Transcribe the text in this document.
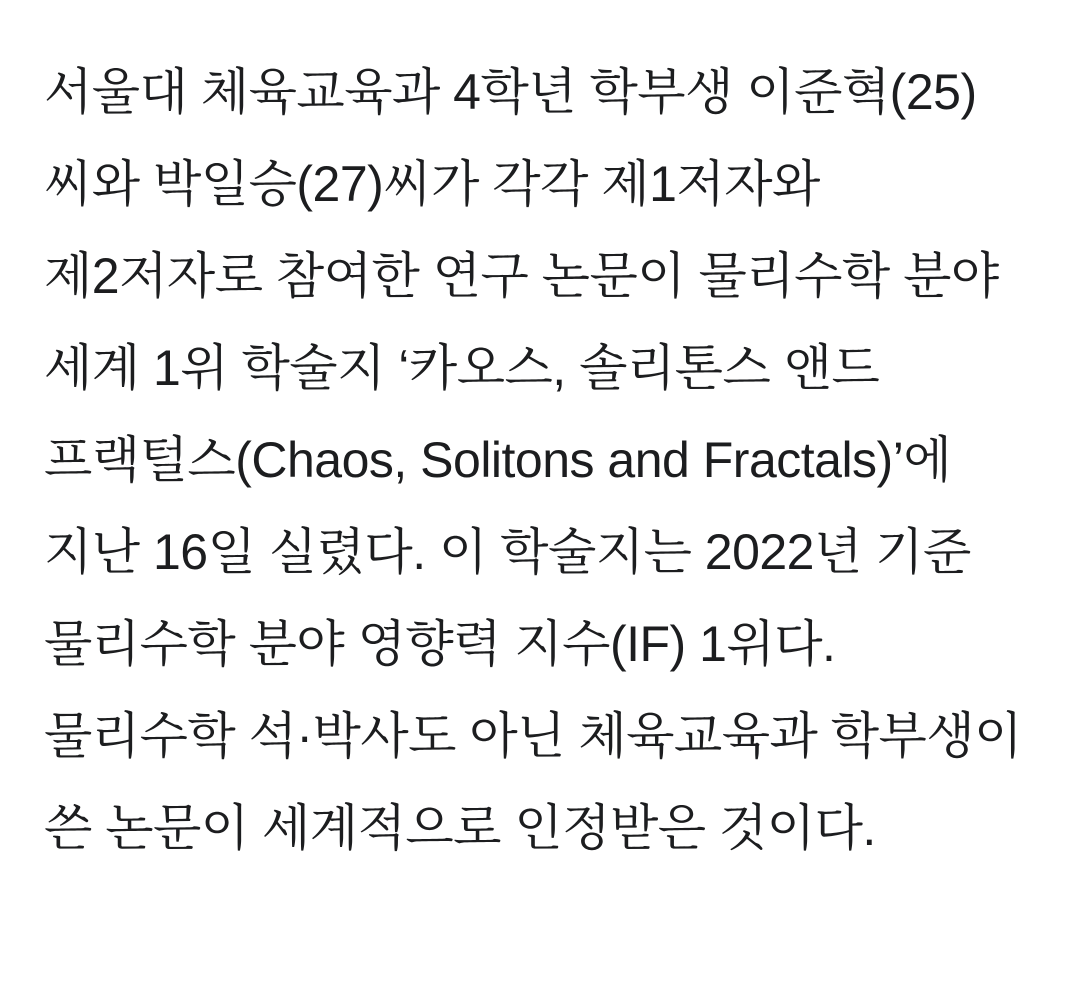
서울대 체육교육과 4학년 학부생 이준혁(25)씨와 박일승(27)씨가 각각 제1저자와 제2저자로 참여한 연구 논문이 물리수학 분야 세계 1위 학술지 ‘카오스, 솔리톤스 앤드 프랙털스(Chaos, Solitons and Fractals)’에 지난 16일 실렸다. 이 학술지는 2022년 기준 물리수학 분야 영향력 지수(IF) 1위다. 물리수학 석·박사도 아닌 체육교육과 학부생이 쓴 논문이 세계적으로 인정받은 것이다.
